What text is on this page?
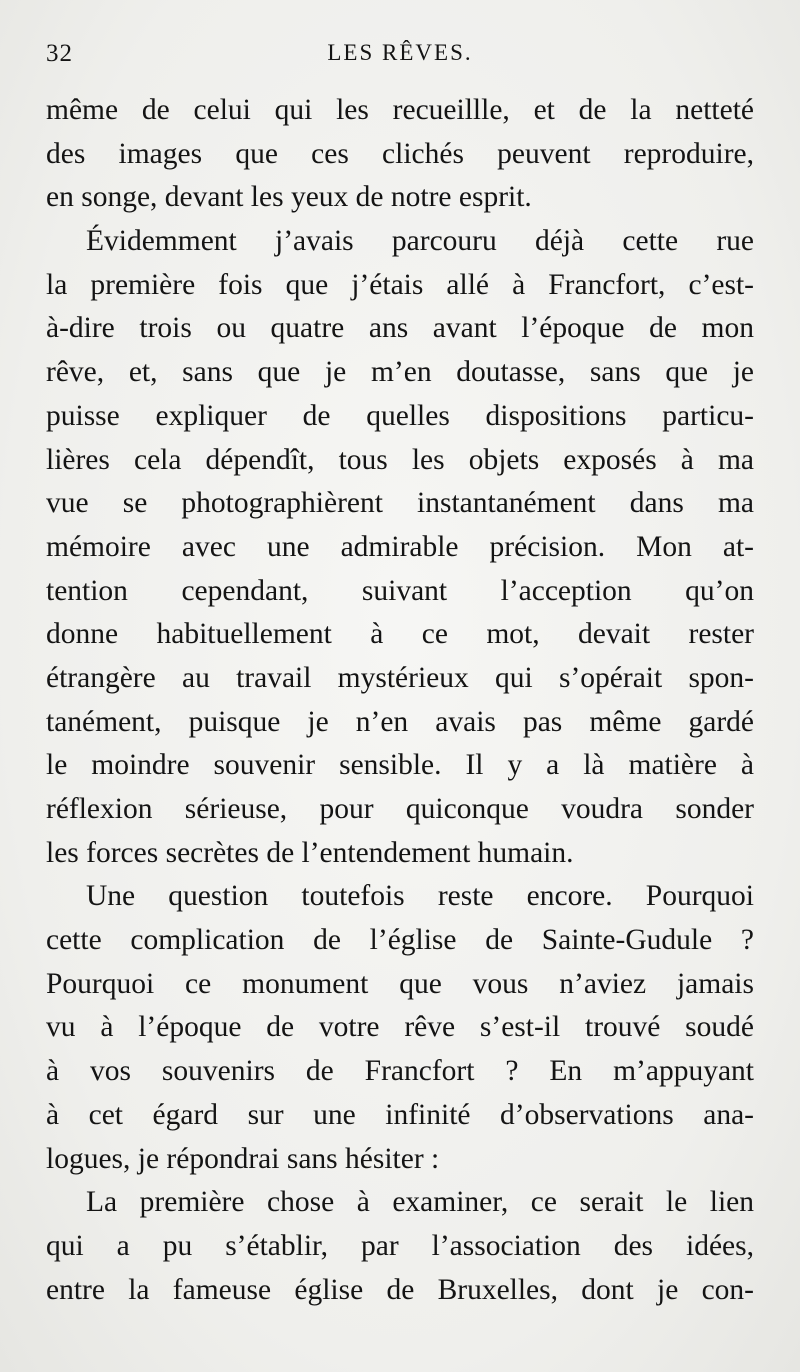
32	LES RÊVES.
même de celui qui les recueillle, et de la netteté
des images que ces clichés peuvent reproduire,
en songe, devant les yeux de notre esprit.
Évidemment j’avais parcouru déjà cette rue
la première fois que j’étais allé à Francfort, c’est-
à-dire trois ou quatre ans avant l’époque de mon
rêve, et, sans que je m’en doutasse, sans que je
puisse expliquer de quelles dispositions particu-
lières cela dépendît, tous les objets exposés à ma
vue se photographièrent instantanément dans ma
mémoire avec une admirable précision. Mon at-
tention cependant, suivant l’acception qu’on
donne habituellement à ce mot, devait rester
étrangère au travail mystérieux qui s’opérait spon-
tanément, puisque je n’en avais pas même gardé
le moindre souvenir sensible. Il y a là matière à
réflexion sérieuse, pour quiconque voudra sonder
les forces secrètes de l’entendement humain.
Une question toutefois reste encore. Pourquoi
cette complication de l’église de Sainte-Gudule ?
Pourquoi ce monument que vous n’aviez jamais
vu à l’époque de votre rêve s’est-il trouvé soudé
à vos souvenirs de Francfort ? En m’appuyant
à cet égard sur une infinité d’observations ana-
logues, je répondrai sans hésiter :
La première chose à examiner, ce serait le lien
qui a pu s’établir, par l’association des idées,
entre la fameuse église de Bruxelles, dont je con-
